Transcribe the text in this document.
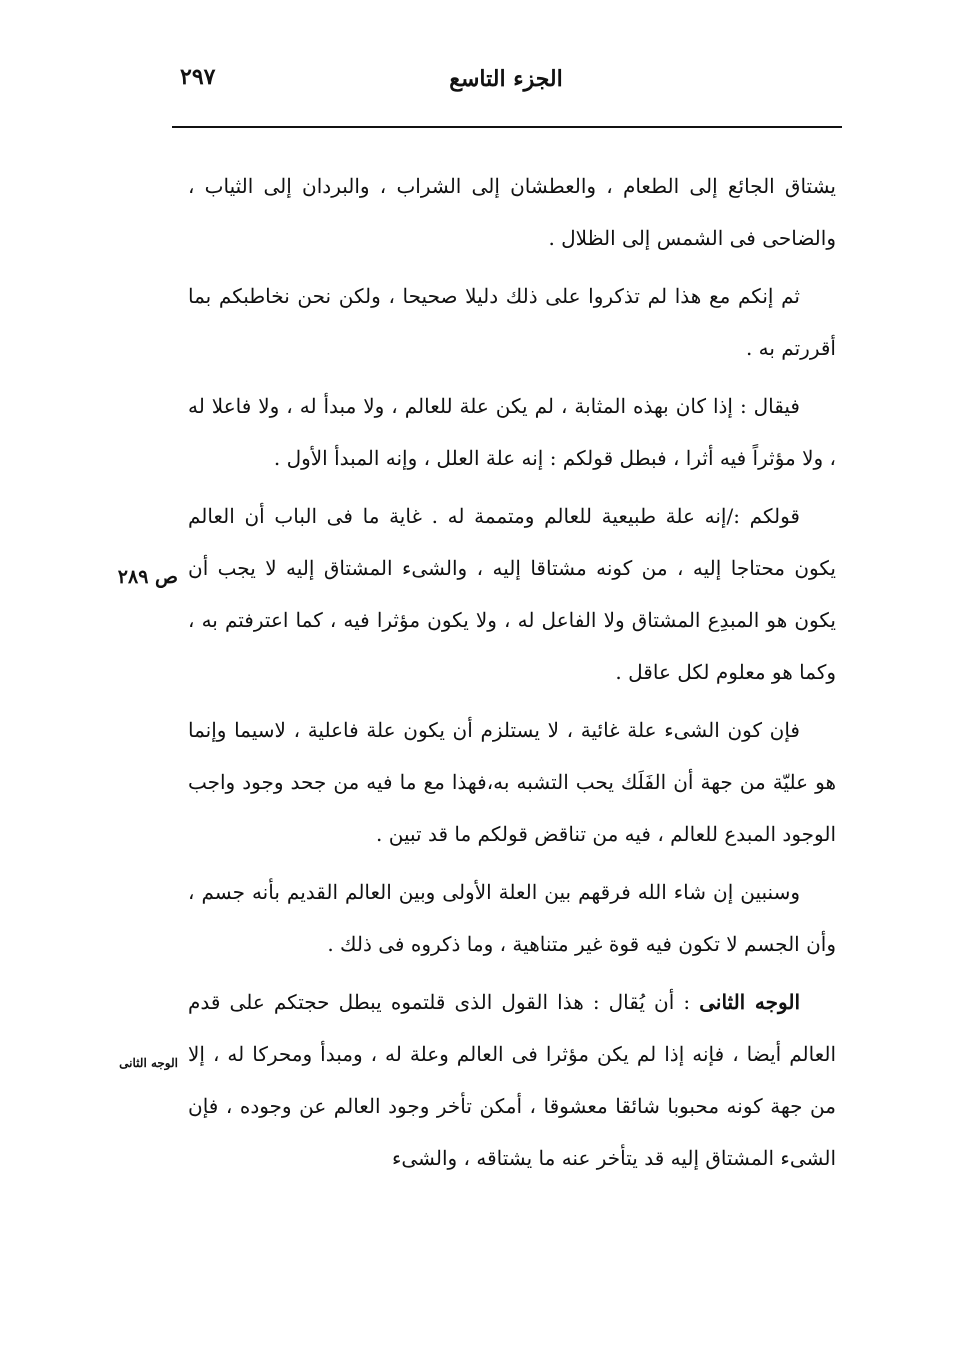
الجزء التاسع
٢٩٧
ص ٢٨٩
الوجه الثانى

يشتاق الجائع إلى الطعام ، والعطشان إلى الشراب ، والبردان إلى الثياب ، والضاحى فى الشمس إلى الظلال .

ثم إنكم مع هذا لم تذكروا على ذلك دليلا صحيحا ، ولكن نحن نخاطبكم بما أقررتم به .

فيقال : إذا كان بهذه المثابة ، لم يكن علة للعالم ، ولا مبدأ له ، ولا فاعلا له ، ولا مؤثراً فيه أثرا ، فبطل قولكم : إنه علة العلل ، وإنه المبدأ الأول .

قولكم :/إنه علة طبيعية للعالم ومتممة له . غاية ما فى الباب أن العالم يكون محتاجا إليه ، من كونه مشتاقا إليه ، والشىء المشتاق إليه لا يجب أن يكون هو المبدِع المشتاق ولا الفاعل له ، ولا يكون مؤثرا فيه ، كما اعترفتم به ، وكما هو معلوم لكل عاقل .

فإن كون الشىء علة غائية ، لا يستلزم أن يكون علة فاعلية ، لاسيما وإنما هو عليّة من جهة أن الفَلَك يحب التشبه به،فهذا مع ما فيه من جحد وجود واجب الوجود المبدع للعالم ، فيه من تناقض قولكم ما قد تبين .

وسنبين إن شاء الله فرقهم بين العلة الأولى وبين العالم القديم بأنه جسم ، وأن الجسم لا تكون فيه قوة غير متناهية ، وما ذكروه فى ذلك .

الوجه الثانى : أن يُقال : هذا القول الذى قلتموه يبطل حجتكم على قدم العالم أيضا ، فإنه إذا لم يكن مؤثرا فى العالم وعلة له ، ومبدأ ومحركا له ، إلا من جهة كونه محبوبا شائقا معشوقا ، أمكن تأخر وجود العالم عن وجوده ، فإن الشىء المشتاق إليه قد يتأخر عنه ما يشتاقه ، والشىء
